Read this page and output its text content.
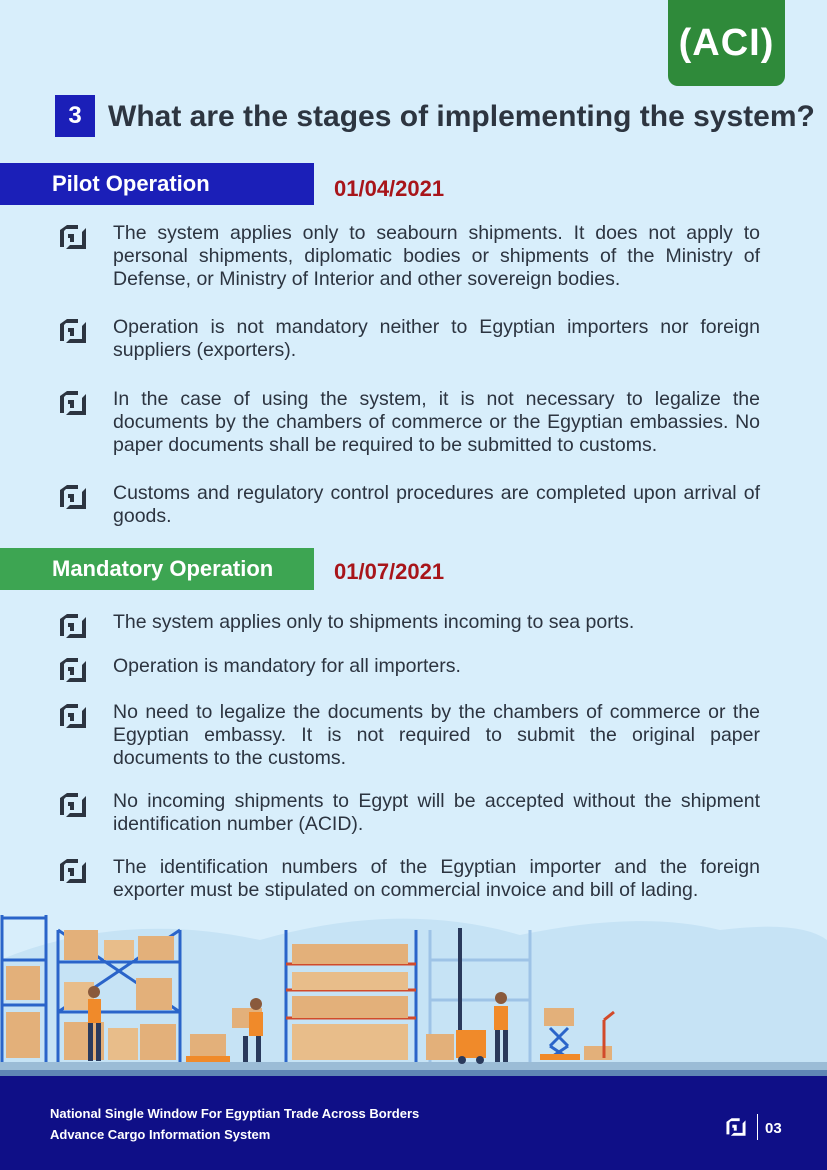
(ACI)
3 What are the stages of implementing the system?
Pilot Operation	01/04/2021
The system applies only to seabourn shipments. It does not apply to personal shipments, diplomatic bodies or shipments of the Ministry of Defense, or Ministry of Interior and other sovereign bodies.
Operation is not mandatory neither to Egyptian importers nor foreign suppliers (exporters).
In the case of using the system, it is not necessary to legalize the documents by the chambers of commerce or the Egyptian embassies. No paper documents shall be required to be submitted to customs.
Customs and regulatory control procedures are completed upon arrival of goods.
Mandatory Operation	01/07/2021
The system applies only to shipments incoming to sea ports.
Operation is mandatory for all importers.
No need to legalize the documents by the chambers of commerce or the Egyptian embassy. It is not required to submit the original paper documents to the customs.
No incoming shipments to Egypt will be accepted without the shipment identification number (ACID).
The identification numbers of the Egyptian importer and the foreign exporter must be stipulated on commercial invoice and bill of lading.
National Single Window For Egyptian Trade Across Borders
Advance Cargo Information System	03
